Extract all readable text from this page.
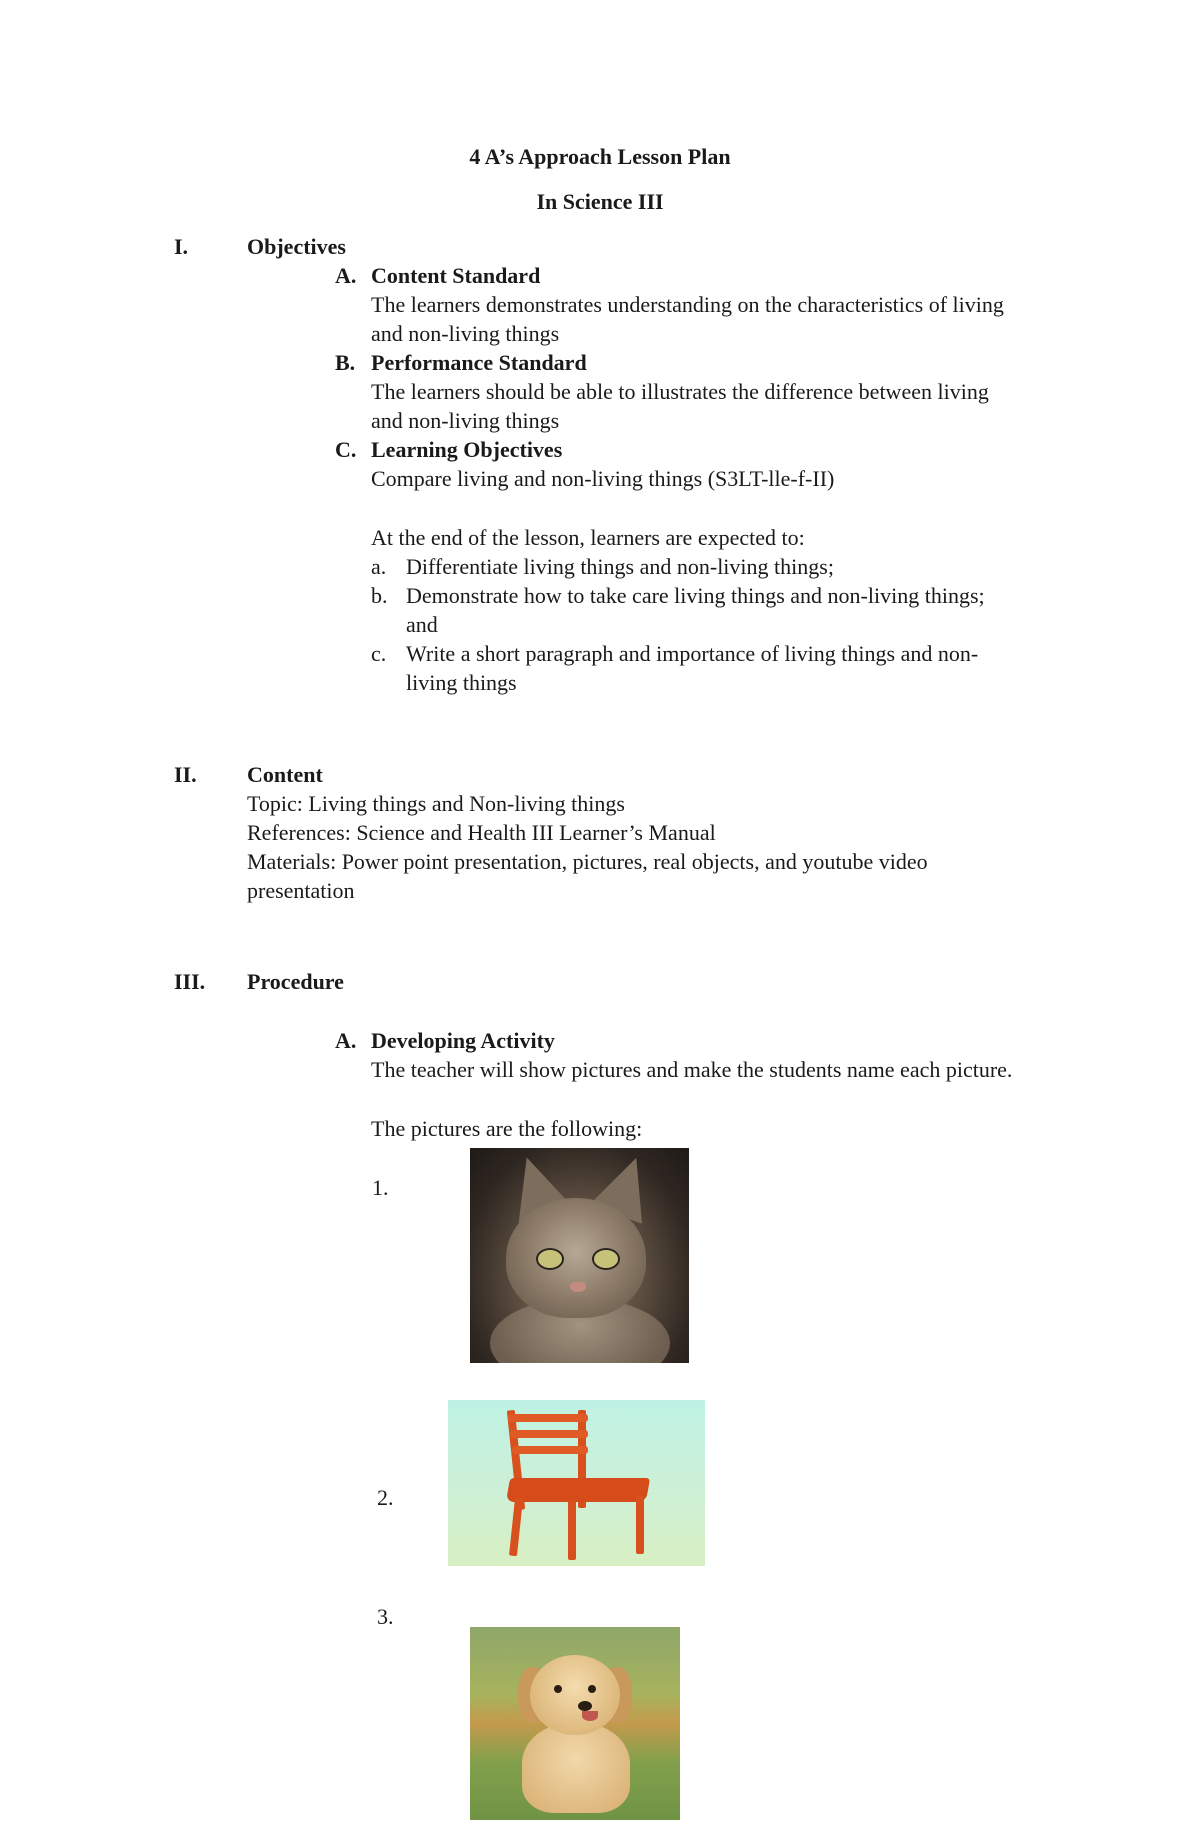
4 A’s Approach Lesson Plan
In Science III
I.	Objectives
A. Content Standard
The learners demonstrates understanding on the characteristics of living
and non-living things
B. Performance Standard
The learners should be able to illustrates the difference between living
and non-living things
C. Learning Objectives
Compare living and non-living things (S3LT-lle-f-II)
At the end of the lesson, learners are expected to:
a. Differentiate living things and non-living things;
b. Demonstrate how to take care living things and non-living things;
and
c. Write a short paragraph and importance of living things and non-
living things
II. Content
Topic: Living things and Non-living things
References: Science and Health III Learner’s Manual
Materials: Power point presentation, pictures, real objects, and youtube video
presentation
III. Procedure
A. Developing Activity
The teacher will show pictures and make the students name each picture.
The pictures are the following:
1.
2.
3.
